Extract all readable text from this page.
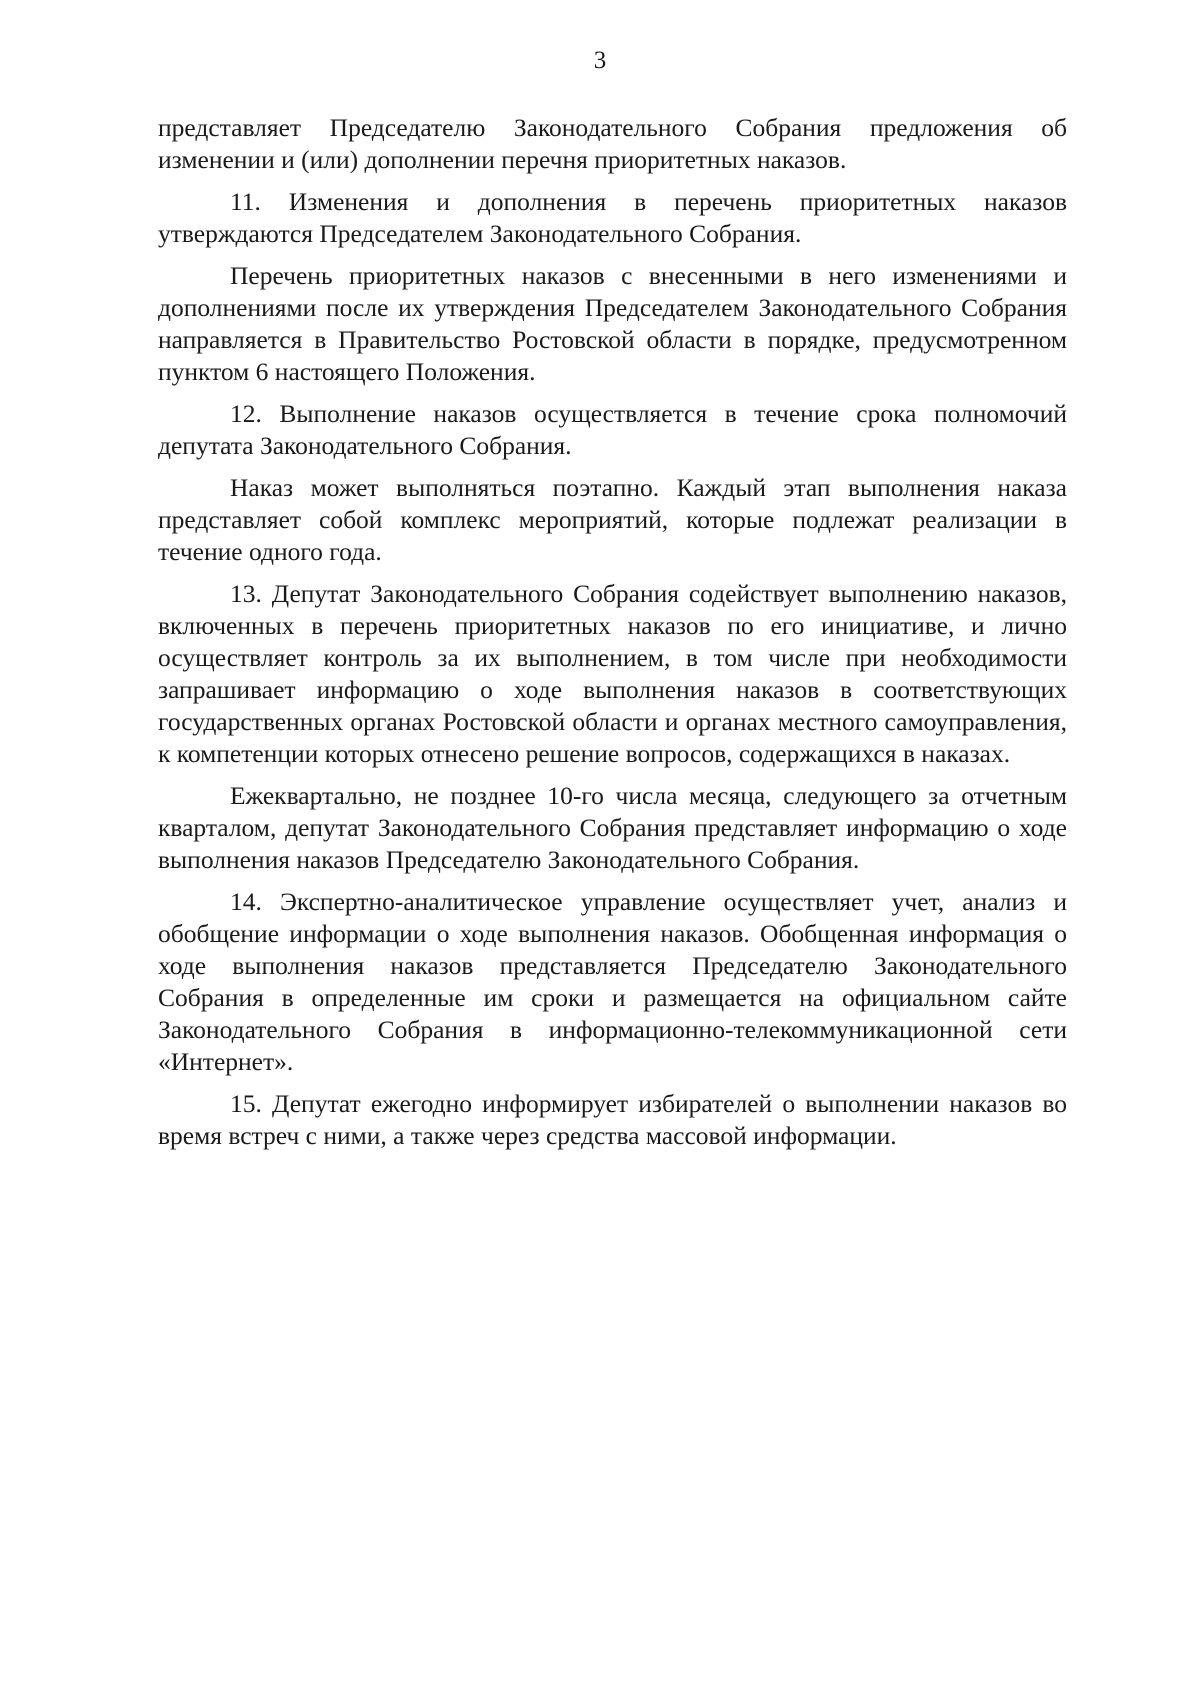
3

представляет Председателю Законодательного Собрания предложения об изменении и (или) дополнении перечня приоритетных наказов.

11. Изменения и дополнения в перечень приоритетных наказов утверждаются Председателем Законодательного Собрания.

Перечень приоритетных наказов с внесенными в него изменениями и дополнениями после их утверждения Председателем Законодательного Собрания направляется в Правительство Ростовской области в порядке, предусмотренном пунктом 6 настоящего Положения.

12. Выполнение наказов осуществляется в течение срока полномочий депутата Законодательного Собрания.

Наказ может выполняться поэтапно. Каждый этап выполнения наказа представляет собой комплекс мероприятий, которые подлежат реализации в течение одного года.

13. Депутат Законодательного Собрания содействует выполнению наказов, включенных в перечень приоритетных наказов по его инициативе, и лично осуществляет контроль за их выполнением, в том числе при необходимости запрашивает информацию о ходе выполнения наказов в соответствующих государственных органах Ростовской области и органах местного самоуправления, к компетенции которых отнесено решение вопросов, содержащихся в наказах.

Ежеквартально, не позднее 10-го числа месяца, следующего за отчетным кварталом, депутат Законодательного Собрания представляет информацию о ходе выполнения наказов Председателю Законодательного Собрания.

14. Экспертно-аналитическое управление осуществляет учет, анализ и обобщение информации о ходе выполнения наказов. Обобщенная информация о ходе выполнения наказов представляется Председателю Законодательного Собрания в определенные им сроки и размещается на официальном сайте Законодательного Собрания в информационно-телекоммуникационной сети «Интернет».

15. Депутат ежегодно информирует избирателей о выполнении наказов во время встреч с ними, а также через средства массовой информации.
